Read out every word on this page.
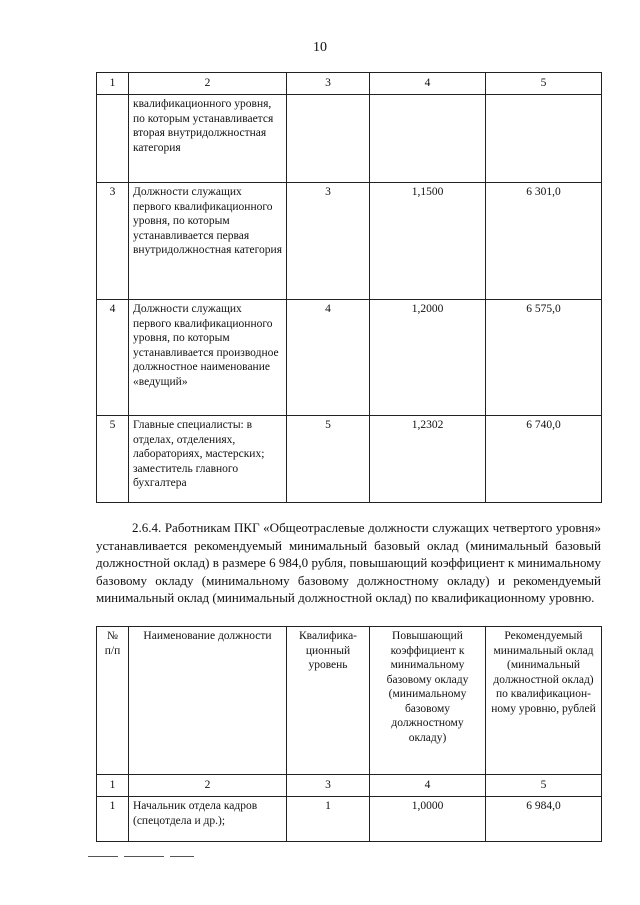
10
1	2	3	4	5
	квалификационного уровня, по которым устанавливается вторая внутридолжностная категория			
3	Должности служащих первого квалификационного уровня, по которым устанавливается первая внутридолжностная категория	3	1,1500	6 301,0
4	Должности служащих первого квалификационного уровня, по которым устанавливается производное должностное наименование «ведущий»	4	1,2000	6 575,0
5	Главные специалисты: в отделах, отделениях, лабораториях, мастерских; заместитель главного бухгалтера	5	1,2302	6 740,0

2.6.4. Работникам ПКГ «Общеотраслевые должности служащих четвертого уровня» устанавливается рекомендуемый минимальный базовый оклад (минимальный базовый должностной оклад) в размере 6 984,0 рубля, повышающий коэффициент к минимальному базовому окладу (минимальному базовому должностному окладу) и рекомендуемый минимальный оклад (минимальный должностной оклад) по квалификационному уровню.

№ п/п	Наименование должности	Квалифика-ционный уровень	Повышающий коэффициент к минимальному базовому окладу (минимальному базовому должностному окладу)	Рекомендуемый минимальный оклад (минимальный должностной оклад) по квалификацион-ному уровню, рублей
1	2	3	4	5
1	Начальник отдела кадров (спецотдела и др.);	1	1,0000	6 984,0
